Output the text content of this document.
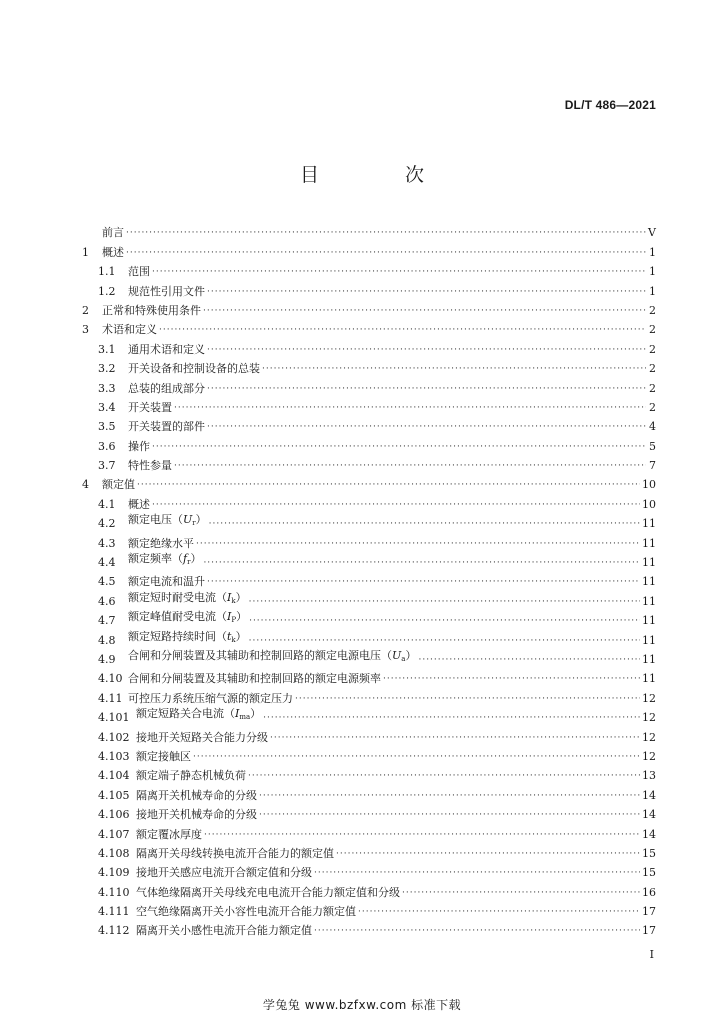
DL/T 486—2021
目 次
前言 ·····	V
1	概述 ·····	1
1.1	范围 ·····	1
1.2	规范性引用文件 ·····	1
2	正常和特殊使用条件 ·····	2
3	术语和定义 ·····	2
3.1	通用术语和定义 ·····	2
3.2	开关设备和控制设备的总装 ·····	2
3.3	总装的组成部分 ·····	2
3.4	开关装置 ·····	2
3.5	开关装置的部件 ·····	4
3.6	操作 ·····	5
3.7	特性参量 ·····	7
4	额定值 ·····	10
4.1	概述 ·····	10
4.2	额定电压$(U_r)$ ·····	11
4.3	额定绝缘水平 ·····	11
4.4	额定频率$(f_r)$ ·····	11
4.5	额定电流和温升 ·····	11
4.6	额定短时耐受电流$(I_k)$ ·····	11
4.7	额定峰值耐受电流$(I_P)$ ·····	11
4.8	额定短路持续时间$(t_k)$ ·····	11
4.9	合闸和分闸装置及其辅助和控制回路的额定电源电压$(U_a)$ ·····	11
4.10 合闸和分闸装置及其辅助和控制回路的额定电源频率 ·····	11
4.11 可控压力系统压缩气源的额定压力 ·····	12
4.101 额定短路关合电流$(I_{ma})$ ·····	12
4.102 接地开关短路关合能力分级 ·····	12
4.103 额定接触区 ·····	12
4.104 额定端子静态机械负荷 ·····	13
4.105 隔离开关机械寿命的分级 ·····	14
4.106 接地开关机械寿命的分级 ·····	14
4.107 额定覆冰厚度 ·····	14
4.108 隔离开关母线转换电流开合能力的额定值 ·····	15
4.109 接地开关感应电流开合额定值和分级 ·····	15
4.110 气体绝缘隔离开关母线充电电流开合能力额定值和分级 ·····	16
4.111 空气绝缘隔离开关小容性电流开合能力额定值 ·····	17
4.112 隔离开关小感性电流开合能力额定值 ·····	17
I
学兔兔 www.bzfxw.com 标准下载
